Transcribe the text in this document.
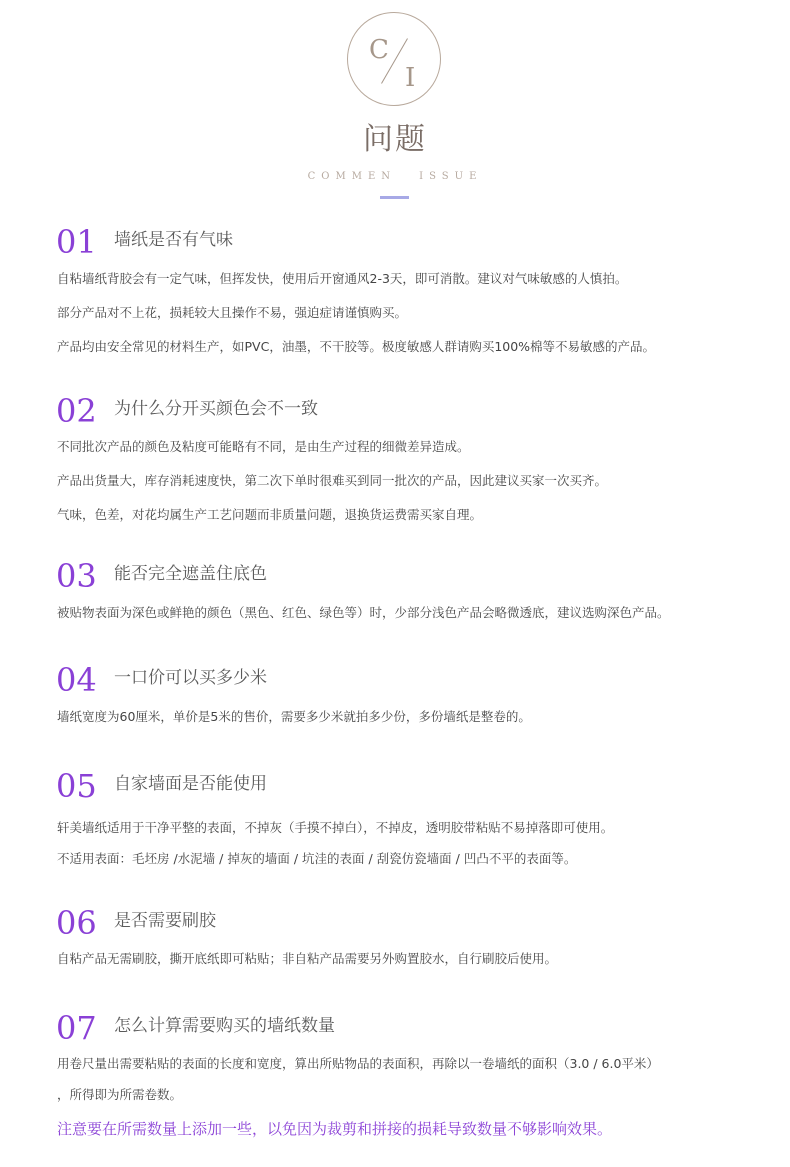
C
I
问题
COMMEN ISSUE
01 墙纸是否有气味
自粘墙纸背胶会有一定气味，但挥发快，使用后开窗通风2-3天，即可消散。建议对气味敏感的人慎拍。
部分产品对不上花，损耗较大且操作不易，强迫症请谨慎购买。
产品均由安全常见的材料生产，如PVC，油墨，不干胶等。极度敏感人群请购买100%棉等不易敏感的产品。
02 为什么分开买颜色会不一致
不同批次产品的颜色及粘度可能略有不同，是由生产过程的细微差异造成。
产品出货量大，库存消耗速度快，第二次下单时很难买到同一批次的产品，因此建议买家一次买齐。
气味，色差，对花均属生产工艺问题而非质量问题，退换货运费需买家自理。
03 能否完全遮盖住底色
被贴物表面为深色或鲜艳的颜色（黑色、红色、绿色等）时，少部分浅色产品会略微透底，建议选购深色产品。
04 一口价可以买多少米
墙纸宽度为60厘米，单价是5米的售价，需要多少米就拍多少份，多份墙纸是整卷的。
05 自家墙面是否能使用
轩美墙纸适用于干净平整的表面，不掉灰（手摸不掉白），不掉皮，透明胶带粘贴不易掉落即可使用。
不适用表面：毛坯房 /水泥墙 / 掉灰的墙面 / 坑洼的表面 / 刮瓷仿瓷墙面 / 凹凸不平的表面等。
06 是否需要刷胶
自粘产品无需刷胶，撕开底纸即可粘贴；非自粘产品需要另外购置胶水，自行刷胶后使用。
07 怎么计算需要购买的墙纸数量
用卷尺量出需要粘贴的表面的长度和宽度，算出所贴物品的表面积，再除以一卷墙纸的面积（3.0 / 6.0平米）
，所得即为所需卷数。
注意要在所需数量上添加一些，以免因为裁剪和拼接的损耗导致数量不够影响效果。
